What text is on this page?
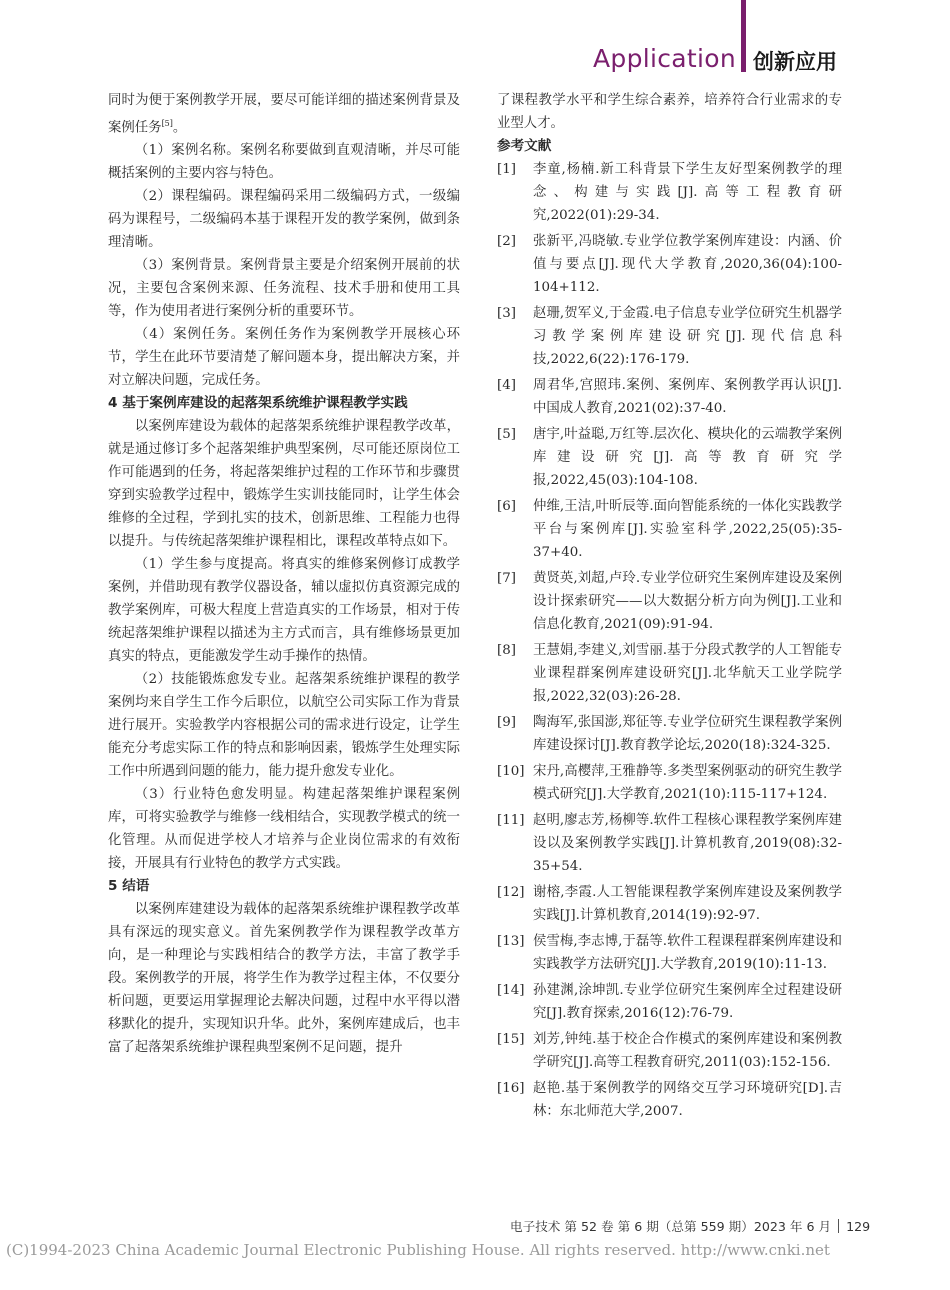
Application 创新应用

同时为便于案例教学开展，要尽可能详细的描述案例背景及案例任务[5]。

（1）案例名称。案例名称要做到直观清晰，并尽可能概括案例的主要内容与特色。

（2）课程编码。课程编码采用二级编码方式，一级编码为课程号，二级编码本基于课程开发的教学案例，做到条理清晰。

（3）案例背景。案例背景主要是介绍案例开展前的状况，主要包含案例来源、任务流程、技术手册和使用工具等，作为使用者进行案例分析的重要环节。

（4）案例任务。案例任务作为案例教学开展核心环节，学生在此环节要清楚了解问题本身，提出解决方案，并对立解决问题，完成任务。

4 基于案例库建设的起落架系统维护课程教学实践

以案例库建设为载体的起落架系统维护课程教学改革，就是通过修订多个起落架维护典型案例，尽可能还原岗位工作可能遇到的任务，将起落架维护过程的工作环节和步骤贯穿到实验教学过程中，锻炼学生实训技能同时，让学生体会维修的全过程，学到扎实的技术，创新思维、工程能力也得以提升。与传统起落架维护课程相比，课程改革特点如下。

（1）学生参与度提高。将真实的维修案例修订成教学案例，并借助现有教学仪器设备，辅以虚拟仿真资源完成的教学案例库，可极大程度上营造真实的工作场景，相对于传统起落架维护课程以描述为主方式而言，具有维修场景更加真实的特点，更能激发学生动手操作的热情。

（2）技能锻炼愈发专业。起落架系统维护课程的教学案例均来自学生工作今后职位，以航空公司实际工作为背景进行展开。实验教学内容根据公司的需求进行设定，让学生能充分考虑实际工作的特点和影响因素，锻炼学生处理实际工作中所遇到问题的能力，能力提升愈发专业化。

（3）行业特色愈发明显。构建起落架维护课程案例库，可将实验教学与维修一线相结合，实现教学模式的统一化管理。从而促进学校人才培养与企业岗位需求的有效衔接，开展具有行业特色的教学方式实践。

5 结语

以案例库建建设为载体的起落架系统维护课程教学改革具有深远的现实意义。首先案例教学作为课程教学改革方向，是一种理论与实践相结合的教学方法，丰富了教学手段。案例教学的开展，将学生作为教学过程主体，不仅要分析问题，更要运用掌握理论去解决问题，过程中水平得以潜移默化的提升，实现知识升华。此外，案例库建成后，也丰富了起落架系统维护课程典型案例不足问题，提升

了课程教学水平和学生综合素养，培养符合行业需求的专业型人才。

参考文献

[1]	李童,杨楠.新工科背景下学生友好型案例教学的理念、构建与实践[J].高等工程教育研究,2022(01):29-34.
[2]	张新平,冯晓敏.专业学位教学案例库建设：内涵、价值与要点[J].现代大学教育,2020,36(04):100-104+112.
[3]	赵珊,贺军义,于金霞.电子信息专业学位研究生机器学习教学案例库建设研究[J].现代信息科技,2022,6(22):176-179.
[4]	周君华,宫照玮.案例、案例库、案例教学再认识[J].中国成人教育,2021(02):37-40.
[5]	唐宇,叶益聪,万红等.层次化、模块化的云端教学案例库建设研究[J].高等教育研究学报,2022,45(03):104-108.
[6]	仲维,王洁,叶昕辰等.面向智能系统的一体化实践教学平台与案例库[J].实验室科学,2022,25(05):35-37+40.
[7]	黄贤英,刘超,卢玲.专业学位研究生案例库建设及案例设计探索研究——以大数据分析方向为例[J].工业和信息化教育,2021(09):91-94.
[8]	王慧娟,李建义,刘雪丽.基于分段式教学的人工智能专业课程群案例库建设研究[J].北华航天工业学院学报,2022,32(03):26-28.
[9]	陶海军,张国澎,郑征等.专业学位研究生课程教学案例库建设探讨[J].教育教学论坛,2020(18):324-325.
[10] 宋丹,高樱萍,王雅静等.多类型案例驱动的研究生教学模式研究[J].大学教育,2021(10):115-117+124.
[11] 赵明,廖志芳,杨柳等.软件工程核心课程教学案例库建设以及案例教学实践[J].计算机教育,2019(08):32-35+54.
[12] 谢榕,李霞.人工智能课程教学案例库建设及案例教学实践[J].计算机教育,2014(19):92-97.
[13] 侯雪梅,李志博,于磊等.软件工程课程群案例库建设和实践教学方法研究[J].大学教育,2019(10):11-13.
[14] 孙建渊,涂坤凯.专业学位研究生案例库全过程建设研究[J].教育探索,2016(12):76-79.
[15] 刘芳,钟纯.基于校企合作模式的案例库建设和案例教学研究[J].高等工程教育研究,2011(03):152-156.
[16] 赵艳.基于案例教学的网络交互学习环境研究[D].吉林：东北师范大学,2007.
电子技术 第 52 卷 第 6 期（总第 559 期）2023 年 6 月 129
(C)1994-2023 China Academic Journal Electronic Publishing House. All rights reserved. http://www.cnki.net
